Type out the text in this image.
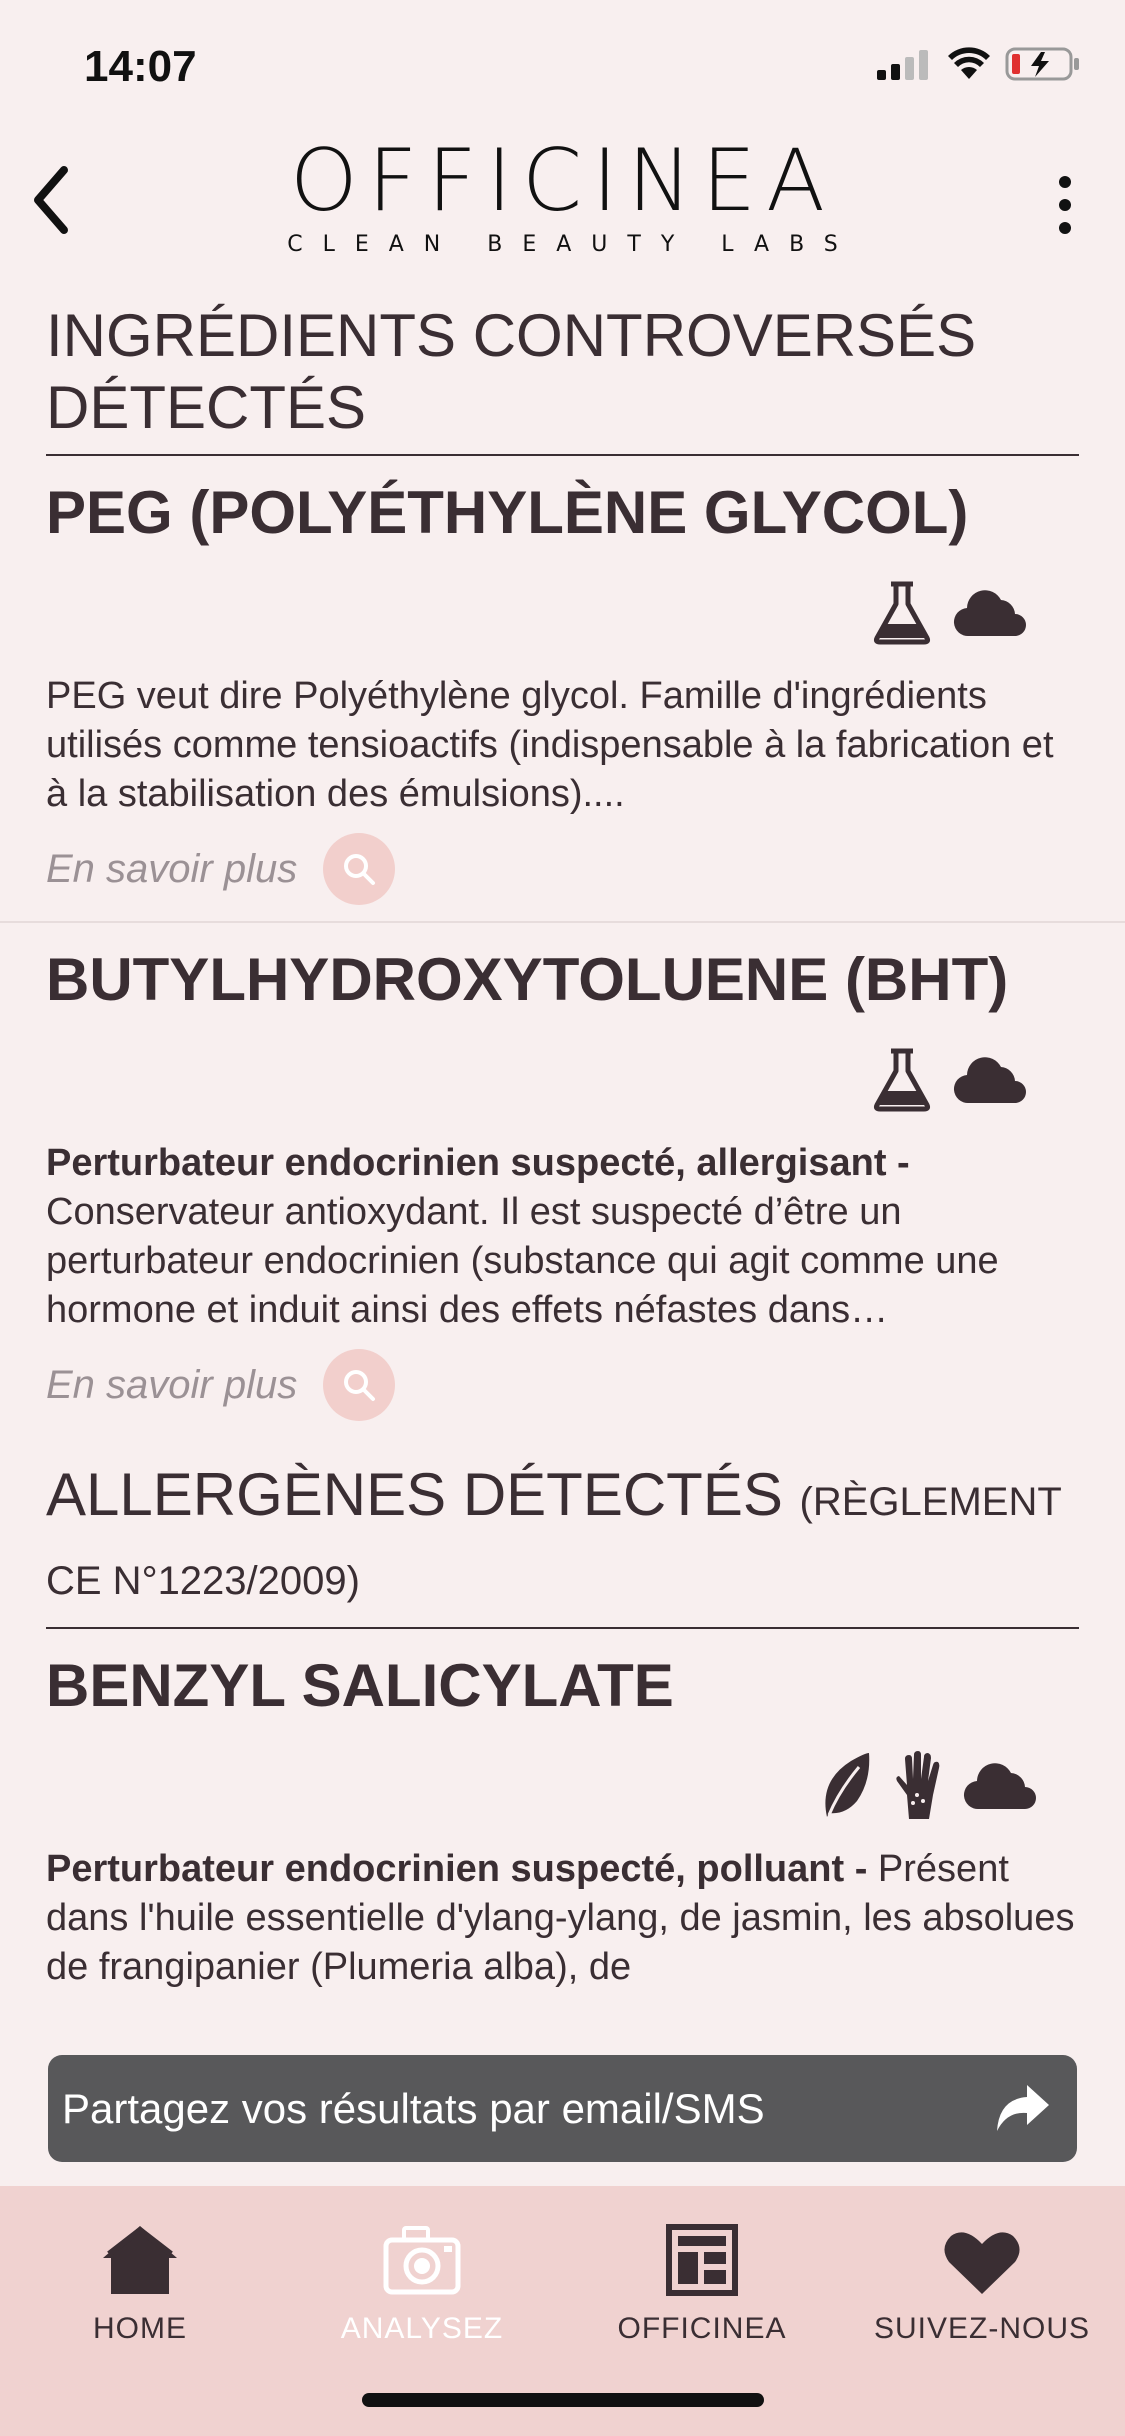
14:07
OFFICINEA
CLEAN BEAUTY LABS
INGRÉDIENTS CONTROVERSÉS DÉTECTÉS
PEG (POLYÉTHYLÈNE GLYCOL)
PEG veut dire Polyéthylène glycol. Famille d'ingrédients utilisés comme tensioactifs (indispensable à la fabrication et à la stabilisation des émulsions)....
En savoir plus
BUTYLHYDROXYTOLUENE (BHT)
Perturbateur endocrinien suspecté, allergisant - Conservateur antioxydant. Il est suspecté d’être un perturbateur endocrinien (substance qui agit comme une hormone et induit ainsi des effets néfastes dans…
En savoir plus
ALLERGÈNES DÉTECTÉS (RÈGLEMENT CE N°1223/2009)
BENZYL SALICYLATE
Perturbateur endocrinien suspecté, polluant - Présent dans l'huile essentielle d'ylang-ylang, de jasmin, les absolues de frangipanier (Plumeria alba), de
Partagez vos résultats par email/SMS
HOME	ANALYSEZ	OFFICINEA	SUIVEZ-NOUS
